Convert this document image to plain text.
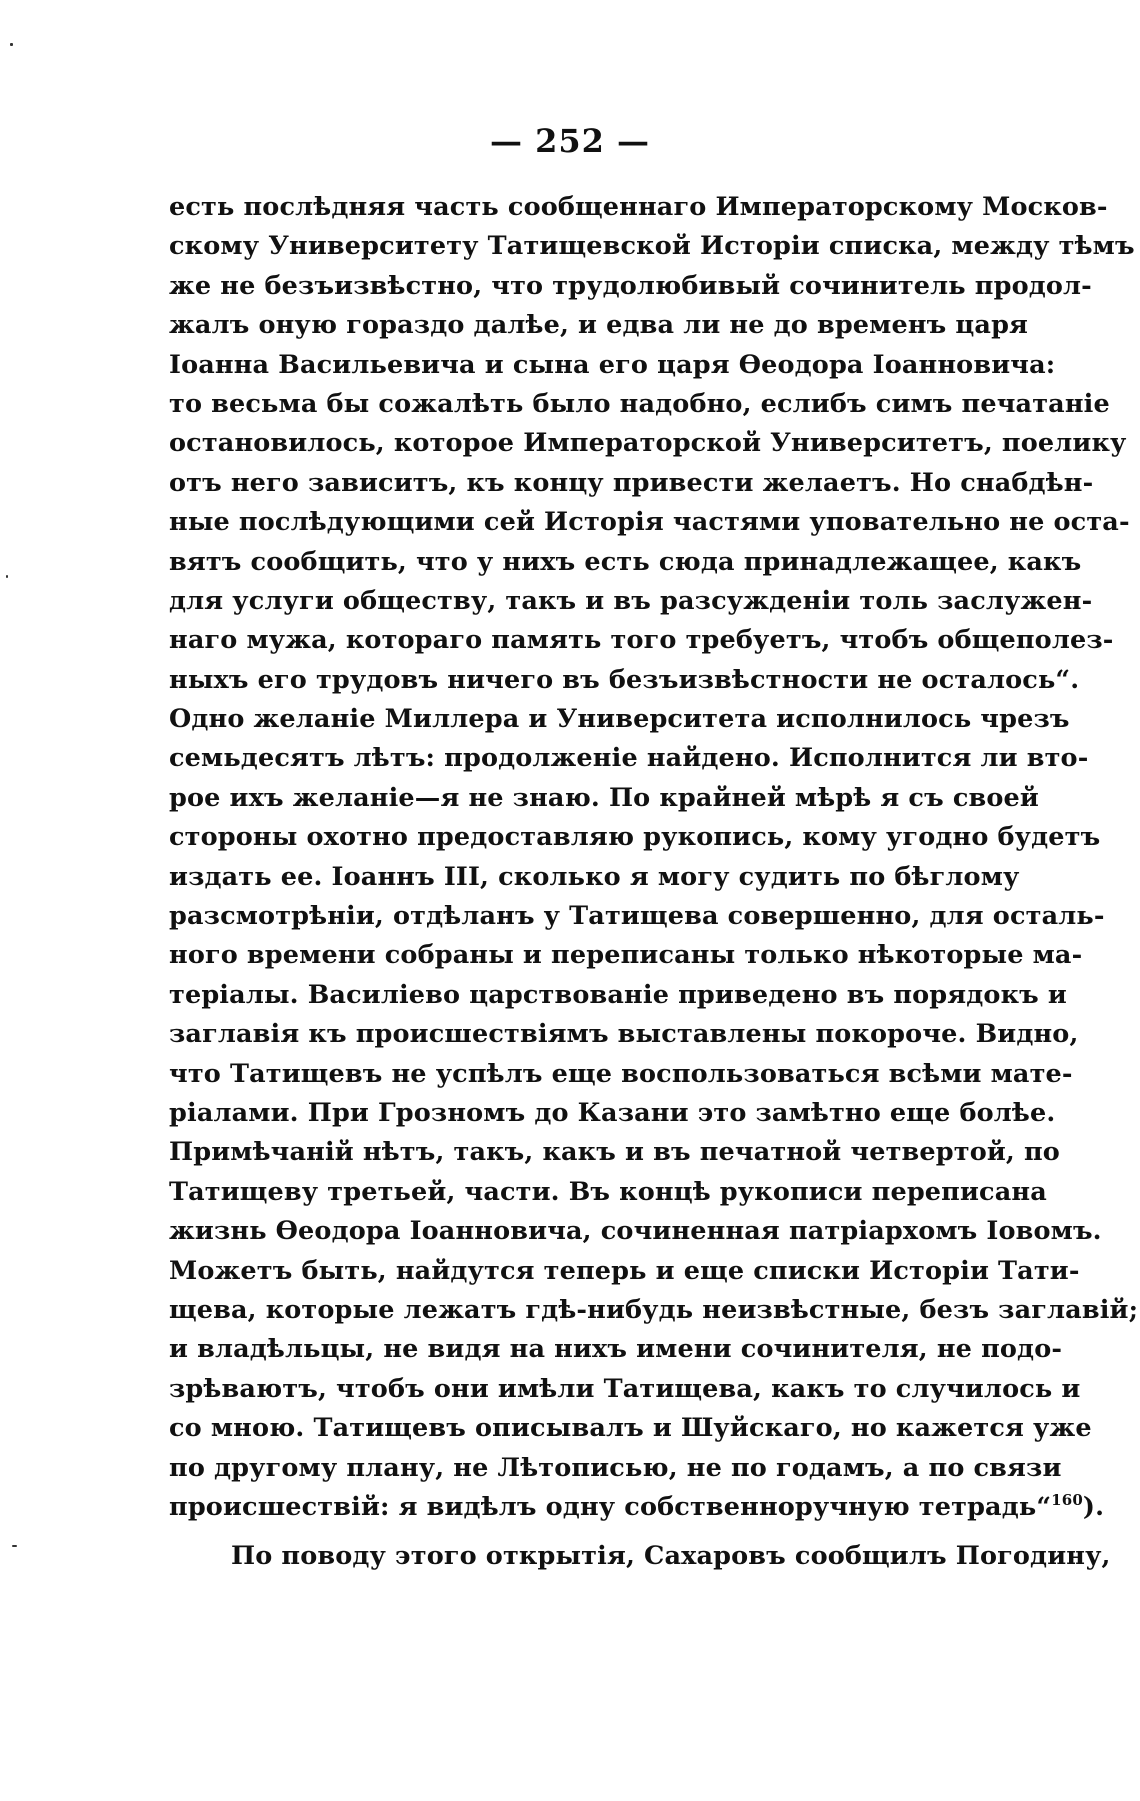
— 252 —
есть послѣдняя часть сообщеннаго Императорскому Москов-
скому Университету Татищевской Исторіи списка, между тѣмъ
же не безъизвѣстно, что трудолюбивый сочинитель продол-
жалъ оную гораздо далѣе, и едва ли не до временъ царя
Іоанна Васильевича и сына его царя Ѳеодора Іоанновича:
то весьма бы сожалѣть было надобно, еслибъ симъ печатаніе
остановилось, которое Императорской Университетъ, поелику
отъ него зависитъ, къ концу привести желаетъ. Но снабдѣн-
ные послѣдующими сей Исторія частями уповательно не оста-
вятъ сообщить, что у нихъ есть сюда принадлежащее, какъ
для услуги обществу, такъ и въ разсужденіи толь заслужен-
наго мужа, котораго память того требуетъ, чтобъ общеполез-
ныхъ его трудовъ ничего въ безъизвѣстности не осталось“.
Одно желаніе Миллера и Университета исполнилось чрезъ
семьдесятъ лѣтъ: продолженіе найдено. Исполнится ли вто-
рое ихъ желаніе—я не знаю. По крайней мѣрѣ я съ своей
стороны охотно предоставляю рукопись, кому угодно будетъ
издать ее. Іоаннъ III, сколько я могу судить по бѣглому
разсмотрѣніи, отдѣланъ у Татищева совершенно, для осталь-
ного времени собраны и переписаны только нѣкоторые ма-
теріалы. Василіево царствованіе приведено въ порядокъ и
заглавія къ происшествіямъ выставлены покороче. Видно,
что Татищевъ не успѣлъ еще воспользоваться всѣми мате-
ріалами. При Грозномъ до Казани это замѣтно еще болѣе.
Примѣчаній нѣтъ, такъ, какъ и въ печатной четвертой, по
Татищеву третьей, части. Въ концѣ рукописи переписана
жизнь Ѳеодора Іоанновича, сочиненная патріархомъ Іовомъ.
Можетъ быть, найдутся теперь и еще списки Исторіи Тати-
щева, которые лежатъ гдѣ-нибудь неизвѣстные, безъ заглавій;
и владѣльцы, не видя на нихъ имени сочинителя, не подо-
зрѣваютъ, чтобъ они имѣли Татищева, какъ то случилось и
со мною. Татищевъ описывалъ и Шуйскаго, но кажется уже
по другому плану, не Лѣтописью, не по годамъ, а по связи
происшествій: я видѣлъ одну собственноручную тетрадь“$^{160}$).
По поводу этого открытія, Сахаровъ сообщилъ Погодину,
